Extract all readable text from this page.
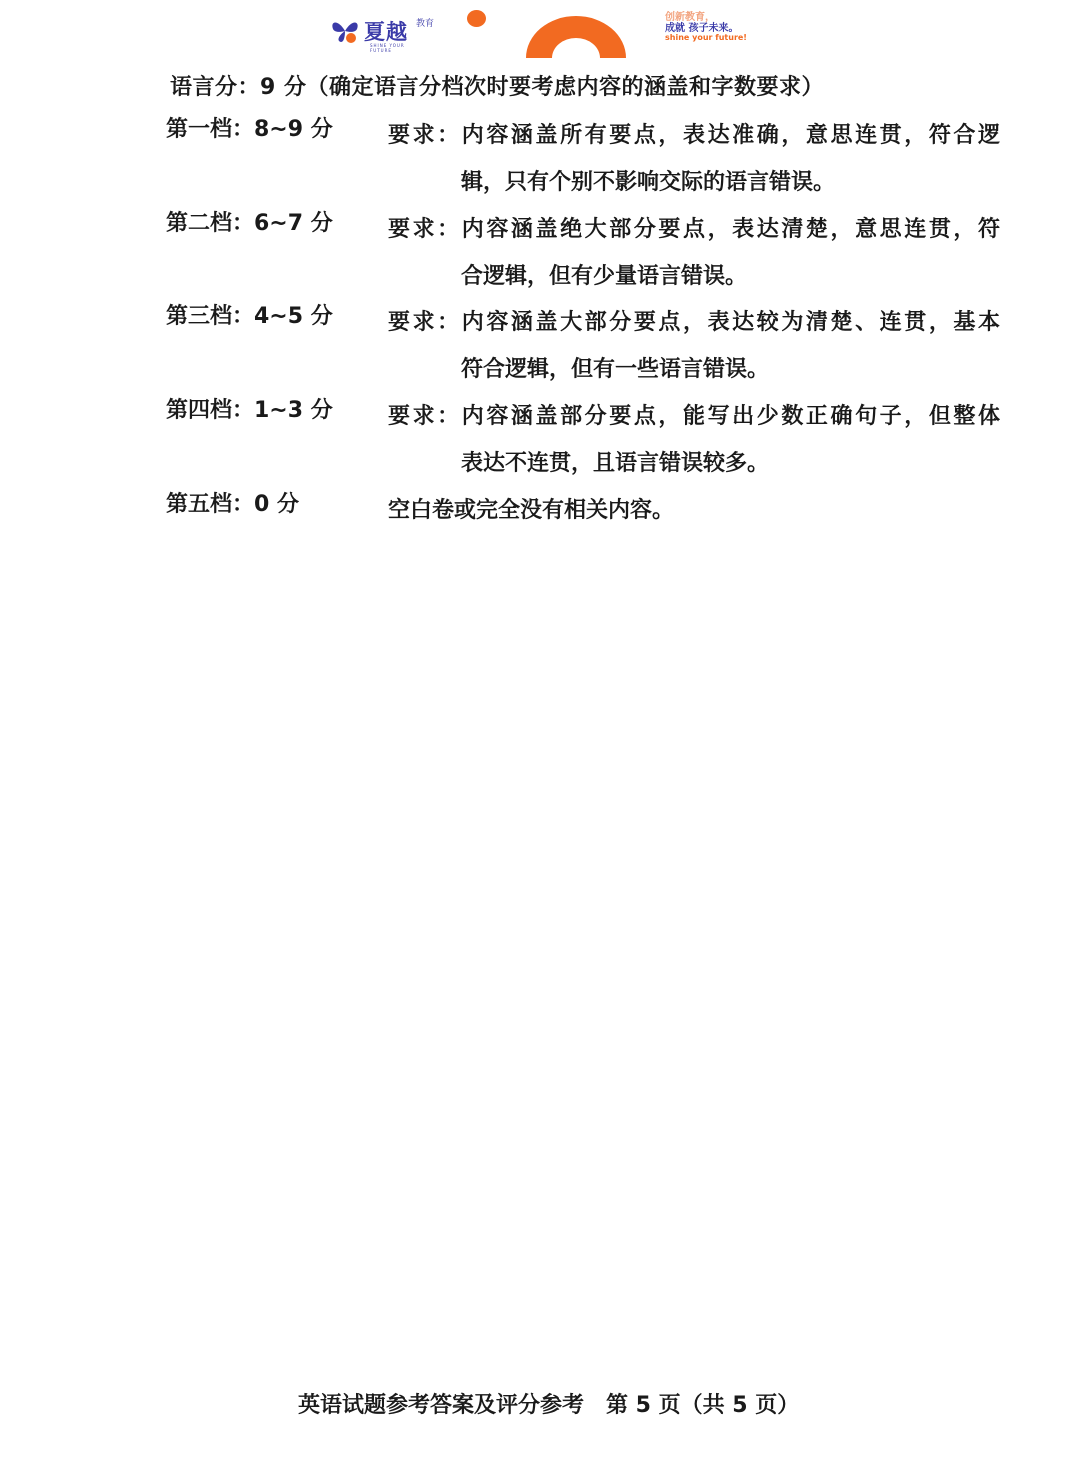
夏越 教育
SHINE YOUR FUTURE
创新教育，
成就 孩子未来。
shine your future!
语言分：9 分（确定语言分档次时要考虑内容的涵盖和字数要求）
第一档：8~9 分	要求：内容涵盖所有要点，表达准确，意思连贯，符合逻
辑，只有个别不影响交际的语言错误。
第二档：6~7 分	要求：内容涵盖绝大部分要点，表达清楚，意思连贯，符
合逻辑，但有少量语言错误。
第三档：4~5 分	要求：内容涵盖大部分要点，表达较为清楚、连贯，基本
符合逻辑，但有一些语言错误。
第四档：1~3 分	要求：内容涵盖部分要点，能写出少数正确句子，但整体
表达不连贯，且语言错误较多。
第五档：0 分	空白卷或完全没有相关内容。
英语试题参考答案及评分参考 第 5 页（共 5 页）
